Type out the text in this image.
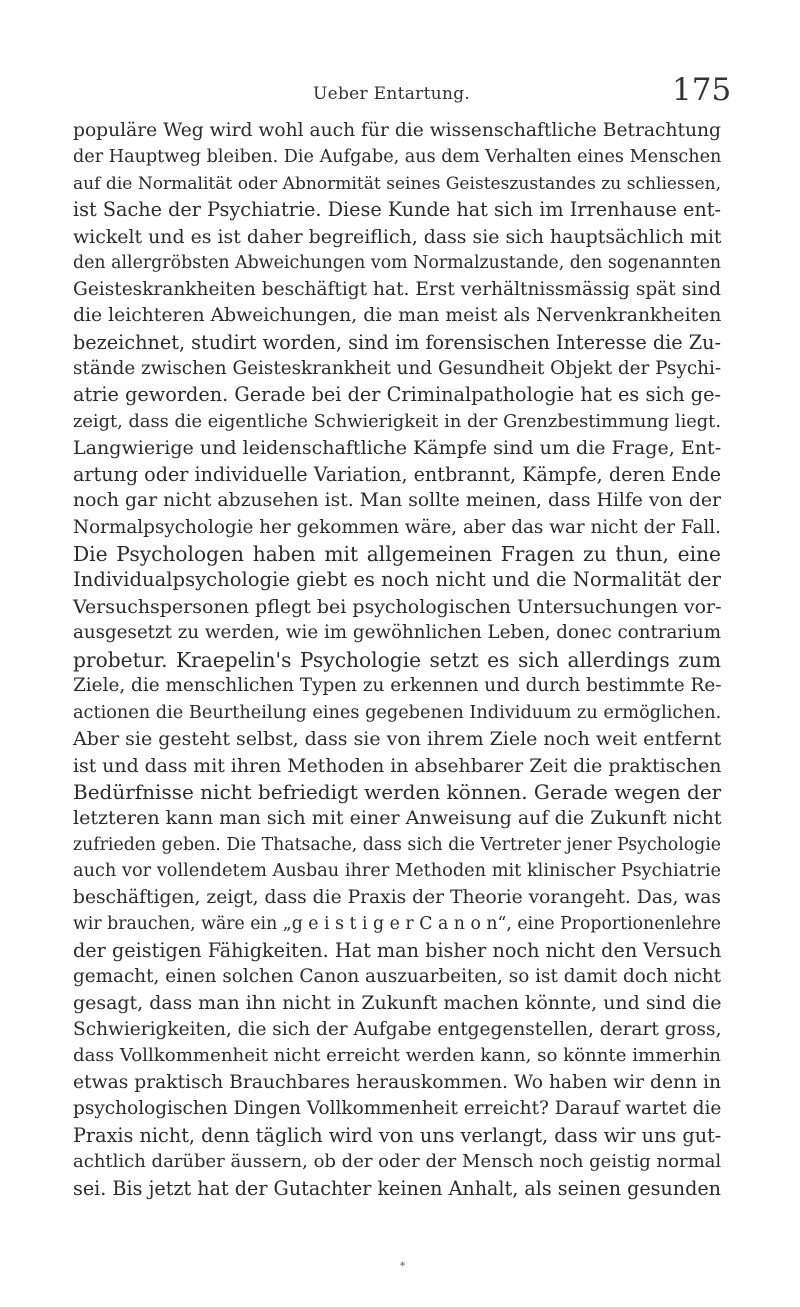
Ueber Entartung.	175
populäre Weg wird wohl auch für die wissenschaftliche Betrachtung
der Hauptweg bleiben. Die Aufgabe, aus dem Verhalten eines Menschen
auf die Normalität oder Abnormität seines Geisteszustandes zu schliessen,
ist Sache der Psychiatrie. Diese Kunde hat sich im Irrenhause ent-
wickelt und es ist daher begreiflich, dass sie sich hauptsächlich mit
den allergröbsten Abweichungen vom Normalzustande, den sogenannten
Geisteskrankheiten beschäftigt hat. Erst verhältnissmässig spät sind
die leichteren Abweichungen, die man meist als Nervenkrankheiten
bezeichnet, studirt worden, sind im forensischen Interesse die Zu-
stände zwischen Geisteskrankheit und Gesundheit Objekt der Psychi-
atrie geworden. Gerade bei der Criminalpathologie hat es sich ge-
zeigt, dass die eigentliche Schwierigkeit in der Grenzbestimmung liegt.
Langwierige und leidenschaftliche Kämpfe sind um die Frage, Ent-
artung oder individuelle Variation, entbrannt, Kämpfe, deren Ende
noch gar nicht abzusehen ist. Man sollte meinen, dass Hilfe von der
Normalpsychologie her gekommen wäre, aber das war nicht der Fall.
Die Psychologen haben mit allgemeinen Fragen zu thun, eine
Individualpsychologie giebt es noch nicht und die Normalität der
Versuchspersonen pflegt bei psychologischen Untersuchungen vor-
ausgesetzt zu werden, wie im gewöhnlichen Leben, donec contrarium
probetur. Kraepelin's Psychologie setzt es sich allerdings zum
Ziele, die menschlichen Typen zu erkennen und durch bestimmte Re-
actionen die Beurtheilung eines gegebenen Individuum zu ermöglichen.
Aber sie gesteht selbst, dass sie von ihrem Ziele noch weit entfernt
ist und dass mit ihren Methoden in absehbarer Zeit die praktischen
Bedürfnisse nicht befriedigt werden können. Gerade wegen der
letzteren kann man sich mit einer Anweisung auf die Zukunft nicht
zufrieden geben. Die Thatsache, dass sich die Vertreter jener Psychologie
auch vor vollendetem Ausbau ihrer Methoden mit klinischer Psychiatrie
beschäftigen, zeigt, dass die Praxis der Theorie vorangeht. Das, was
wir brauchen, wäre ein „g e i s t i g e r C a n o n“, eine Proportionenlehre
der geistigen Fähigkeiten. Hat man bisher noch nicht den Versuch
gemacht, einen solchen Canon auszuarbeiten, so ist damit doch nicht
gesagt, dass man ihn nicht in Zukunft machen könnte, und sind die
Schwierigkeiten, die sich der Aufgabe entgegenstellen, derart gross,
dass Vollkommenheit nicht erreicht werden kann, so könnte immerhin
etwas praktisch Brauchbares herauskommen. Wo haben wir denn in
psychologischen Dingen Vollkommenheit erreicht? Darauf wartet die
Praxis nicht, denn täglich wird von uns verlangt, dass wir uns gut-
achtlich darüber äussern, ob der oder der Mensch noch geistig normal
sei. Bis jetzt hat der Gutachter keinen Anhalt, als seinen gesunden
*
